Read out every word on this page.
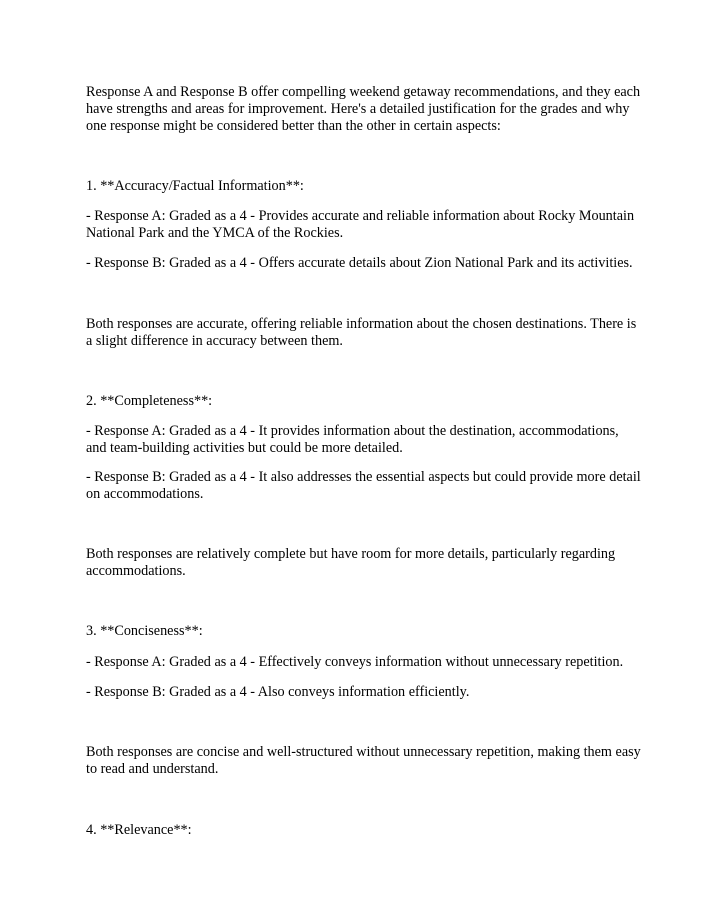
Response A and Response B offer compelling weekend getaway recommendations, and they each have strengths and areas for improvement. Here's a detailed justification for the grades and why one response might be considered better than the other in certain aspects:

1. **Accuracy/Factual Information**:

- Response A: Graded as a 4 - Provides accurate and reliable information about Rocky Mountain National Park and the YMCA of the Rockies.

- Response B: Graded as a 4 - Offers accurate details about Zion National Park and its activities.

Both responses are accurate, offering reliable information about the chosen destinations. There is a slight difference in accuracy between them.

2. **Completeness**:

- Response A: Graded as a 4 - It provides information about the destination, accommodations, and team-building activities but could be more detailed.

- Response B: Graded as a 4 - It also addresses the essential aspects but could provide more detail on accommodations.

Both responses are relatively complete but have room for more details, particularly regarding accommodations.

3. **Conciseness**:

- Response A: Graded as a 4 - Effectively conveys information without unnecessary repetition.

- Response B: Graded as a 4 - Also conveys information efficiently.

Both responses are concise and well-structured without unnecessary repetition, making them easy to read and understand.

4. **Relevance**:
